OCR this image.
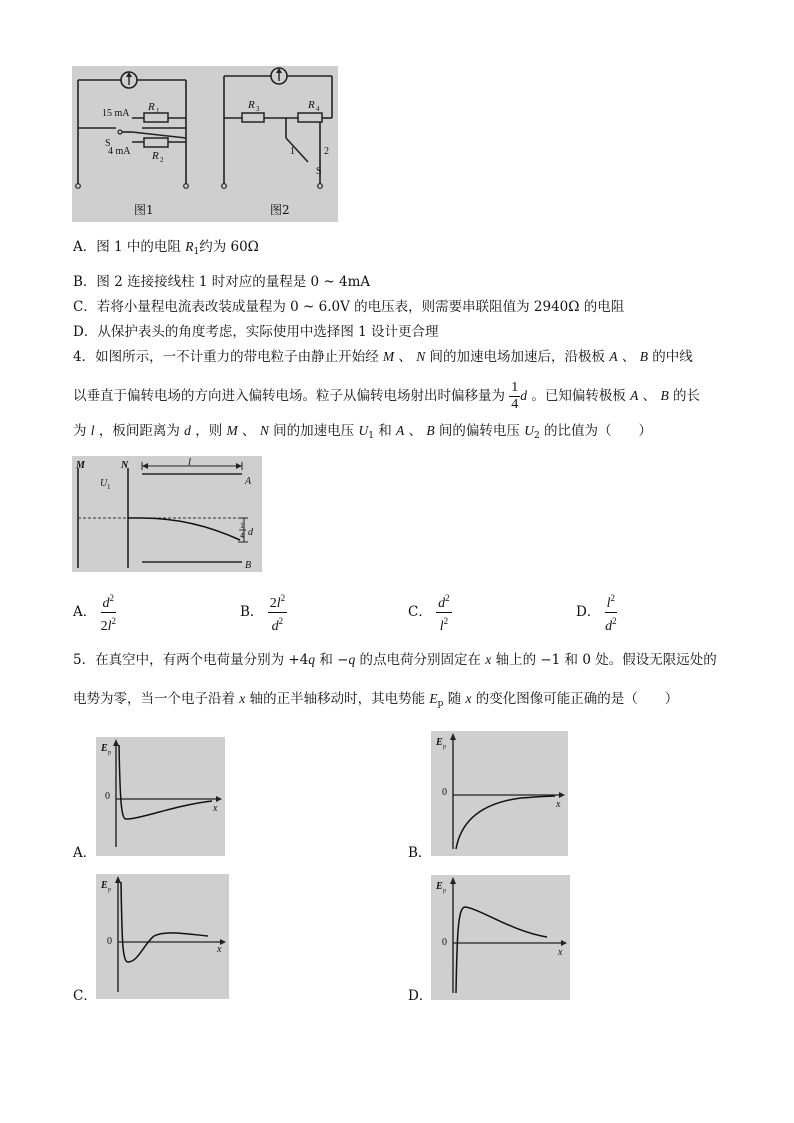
15 mA
R 1
S
4 mA R 2
图1
R 3	R 4
1	2
S
图2
A．图 1 中的电阻 $R_1$约为 60Ω
B．图 2 连接接线柱 1 时对应的量程是 0 ~ 4mA
C．若将小量程电流表改装成量程为 0 ~ 6.0V 的电压表，则需要串联阻值为 2940Ω 的电阻
D．从保护表头的角度考虑，实际使用中选择图 1 设计更合理
4．如图所示，一不计重力的带电粒子由静止开始经 M 、 N 间的加速电场加速后，沿极板 A 、 B 的中线
以垂直于偏转电场的方向进入偏转电场。粒子从偏转电场射出时偏移量为 $\frac{1}{4}$ d 。已知偏转极板 A 、 B 的长
为 l ，板间距离为 d ，则 M 、 N 间的加速电压 $U_1$ 和 A 、 B 间的偏转电压 $U_2$ 的比值为（　　）
M	N
U 1
l
A
B
1
4 d
A． $\frac{d^2}{2l^2}$	B． $\frac{2l^2}{d^2}$	C． $\frac{d^2}{l^2}$	D． $\frac{l^2}{d^2}$
5．在真空中，有两个电荷量分别为 +4q 和 −q 的点电荷分别固定在 x 轴上的 −1 和 0 处。假设无限远处的
电势为零，当一个电子沿着 x 轴的正半轴移动时，其电势能 $E_p$ 随 x 的变化图像可能正确的是（　　）
E p
0
x
A．
E p
0
x
B．
E p
0
x
C．
E p
0
x
D．
